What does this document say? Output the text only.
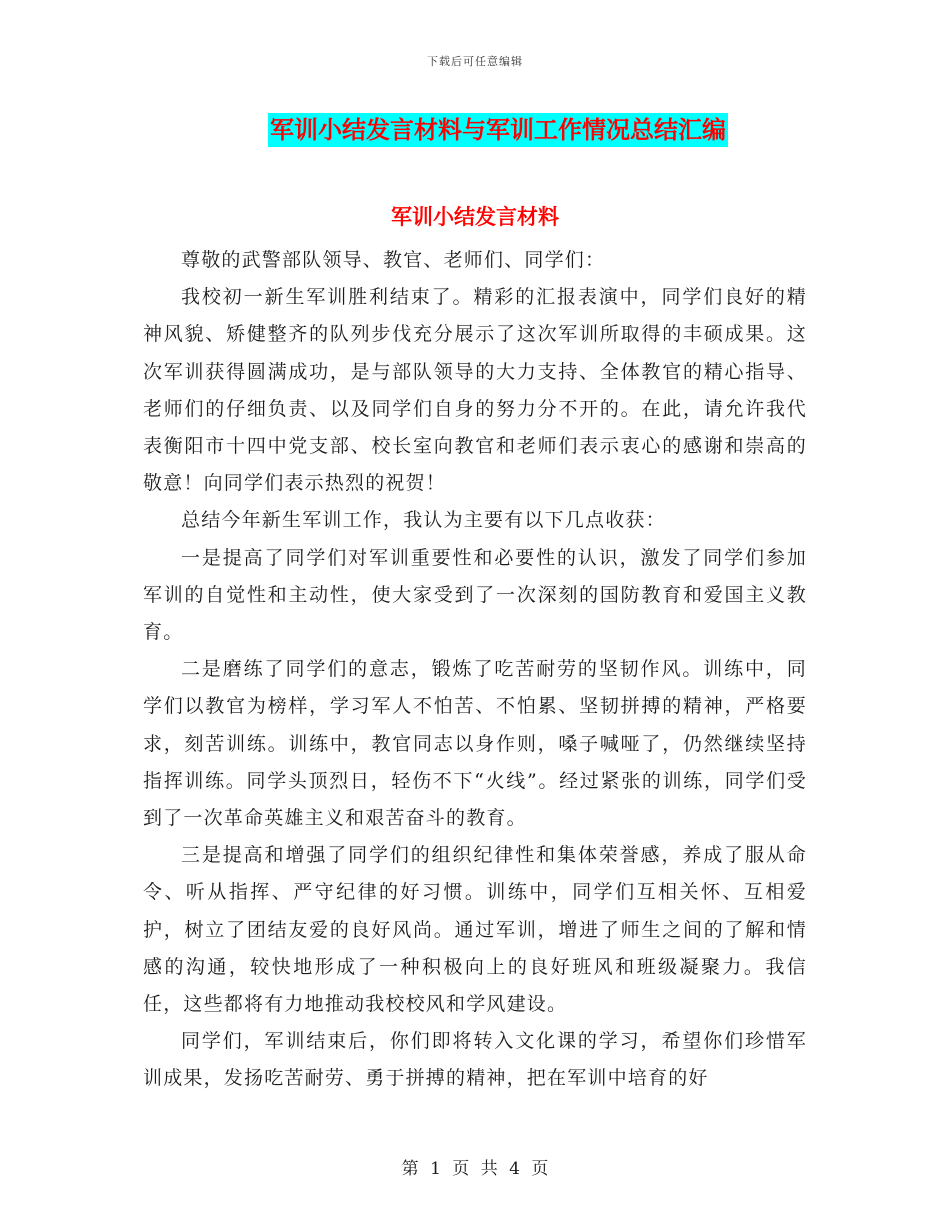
下载后可任意编辑
军训小结发言材料与军训工作情况总结汇编
军训小结发言材料

尊敬的武警部队领导、教官、老师们、同学们：

我校初一新生军训胜利结束了。精彩的汇报表演中，同学们良好的精神风貌、矫健整齐的队列步伐充分展示了这次军训所取得的丰硕成果。这次军训获得圆满成功，是与部队领导的大力支持、全体教官的精心指导、老师们的仔细负责、以及同学们自身的努力分不开的。在此，请允许我代表衡阳市十四中党支部、校长室向教官和老师们表示衷心的感谢和崇高的敬意！向同学们表示热烈的祝贺！

总结今年新生军训工作，我认为主要有以下几点收获：

一是提高了同学们对军训重要性和必要性的认识，激发了同学们参加军训的自觉性和主动性，使大家受到了一次深刻的国防教育和爱国主义教育。

二是磨练了同学们的意志，锻炼了吃苦耐劳的坚韧作风。训练中，同学们以教官为榜样，学习军人不怕苦、不怕累、坚韧拼搏的精神，严格要求，刻苦训练。训练中，教官同志以身作则，嗓子喊哑了，仍然继续坚持指挥训练。同学头顶烈日，轻伤不下“火线”。经过紧张的训练，同学们受到了一次革命英雄主义和艰苦奋斗的教育。

三是提高和增强了同学们的组织纪律性和集体荣誉感，养成了服从命令、听从指挥、严守纪律的好习惯。训练中，同学们互相关怀、互相爱护，树立了团结友爱的良好风尚。通过军训，增进了师生之间的了解和情感的沟通，较快地形成了一种积极向上的良好班风和班级凝聚力。我信任，这些都将有力地推动我校校风和学风建设。

同学们，军训结束后，你们即将转入文化课的学习，希望你们珍惜军训成果，发扬吃苦耐劳、勇于拼搏的精神，把在军训中培育的好

第 1 页 共 4 页
